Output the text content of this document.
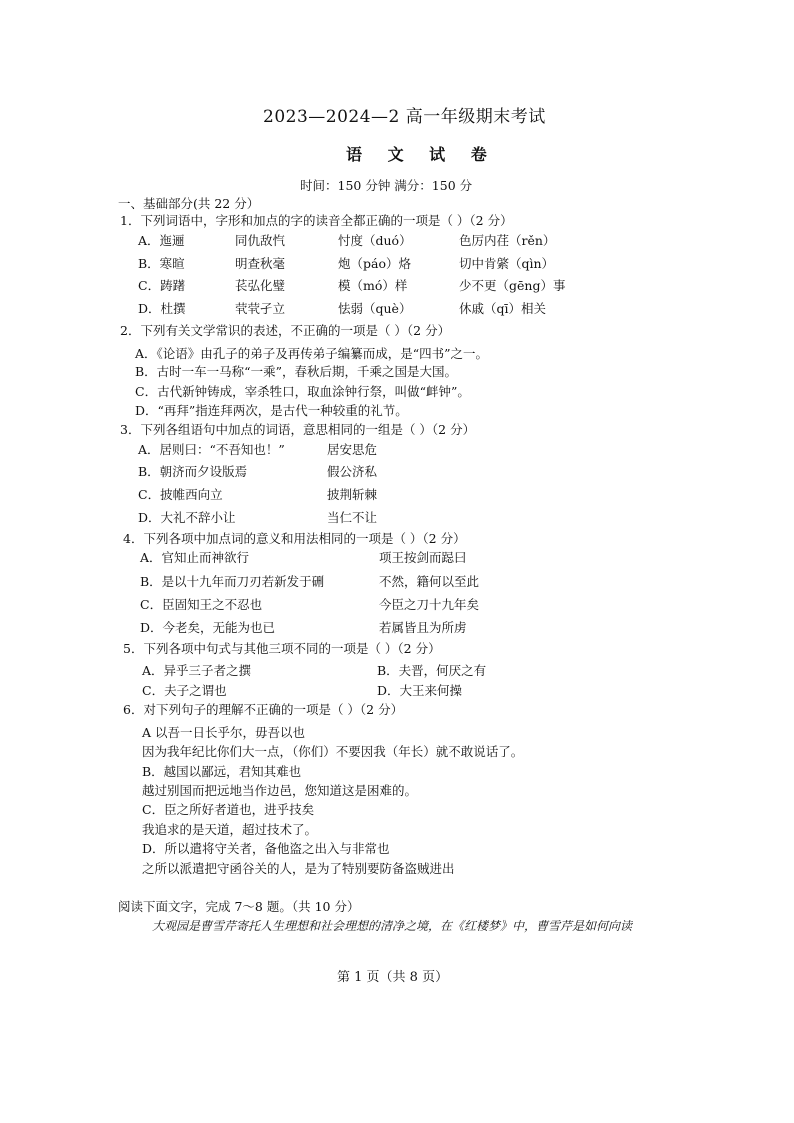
2023—2024—2 高一年级期末考试
语 文 试 卷
时间：150 分钟 满分：150 分
一、基础部分(共 22 分）
1．下列词语中，字形和加点的字的读音全都正确的一项是（ ）（2 分）
A．迤逦	同仇敌忾	忖度（duó）	色厉内荏（rěn）
B．寒暄	明查秋毫	炮（páo）烙	切中肯綮（qìn）
C．踌躇	苌弘化璧	模（mó）样	少不更（gēng）事
D．杜撰	茕茕孑立	怯弱（què）	休戚（qī）相关
2．下列有关文学常识的表述，不正确的一项是（ ）（2 分）
A．《论语》由孔子的弟子及再传弟子编纂而成，是“四书”之一。
B．古时一车一马称“一乘”，春秋后期，千乘之国是大国。
C．古代新钟铸成，宰杀牲口，取血涂钟行祭，叫做“衅钟”。
D．“再拜”指连拜两次，是古代一种较重的礼节。
3．下列各组语句中加点的词语，意思相同的一组是（ ）（2 分）
A．居则曰：“不吾知也！”	居安思危
B．朝济而夕设版焉	假公济私
C．披帷西向立	披荆斩棘
D．大礼不辞小让	当仁不让
4．下列各项中加点词的意义和用法相同的一项是（ ）（2 分）
A．官知止而神欲行	项王按剑而跽曰
B．是以十九年而刀刃若新发于硎	不然，籍何以至此
C．臣固知王之不忍也	今臣之刀十九年矣
D．今老矣，无能为也已	若属皆且为所虏
5．下列各项中句式与其他三项不同的一项是（ ）（2 分）
A．异乎三子者之撰	B．夫晋，何厌之有
C．夫子之谓也	D．大王来何操
6．对下列句子的理解不正确的一项是（ ）（2 分）
A 以吾一日长乎尔，毋吾以也
因为我年纪比你们大一点，（你们）不要因我（年长）就不敢说话了。
B．越国以鄙远，君知其难也
越过别国而把远地当作边邑，您知道这是困难的。
C．臣之所好者道也，进乎技矣
我追求的是天道，超过技术了。
D．所以遣将守关者，备他盗之出入与非常也
之所以派遣把守函谷关的人，是为了特别要防备盗贼进出
阅读下面文字，完成 7～8 题。（共 10 分）
大观园是曹雪芹寄托人生理想和社会理想的清净之境，在《红楼梦》中，曹雪芹是如何向读
第 1 页（共 8 页）
